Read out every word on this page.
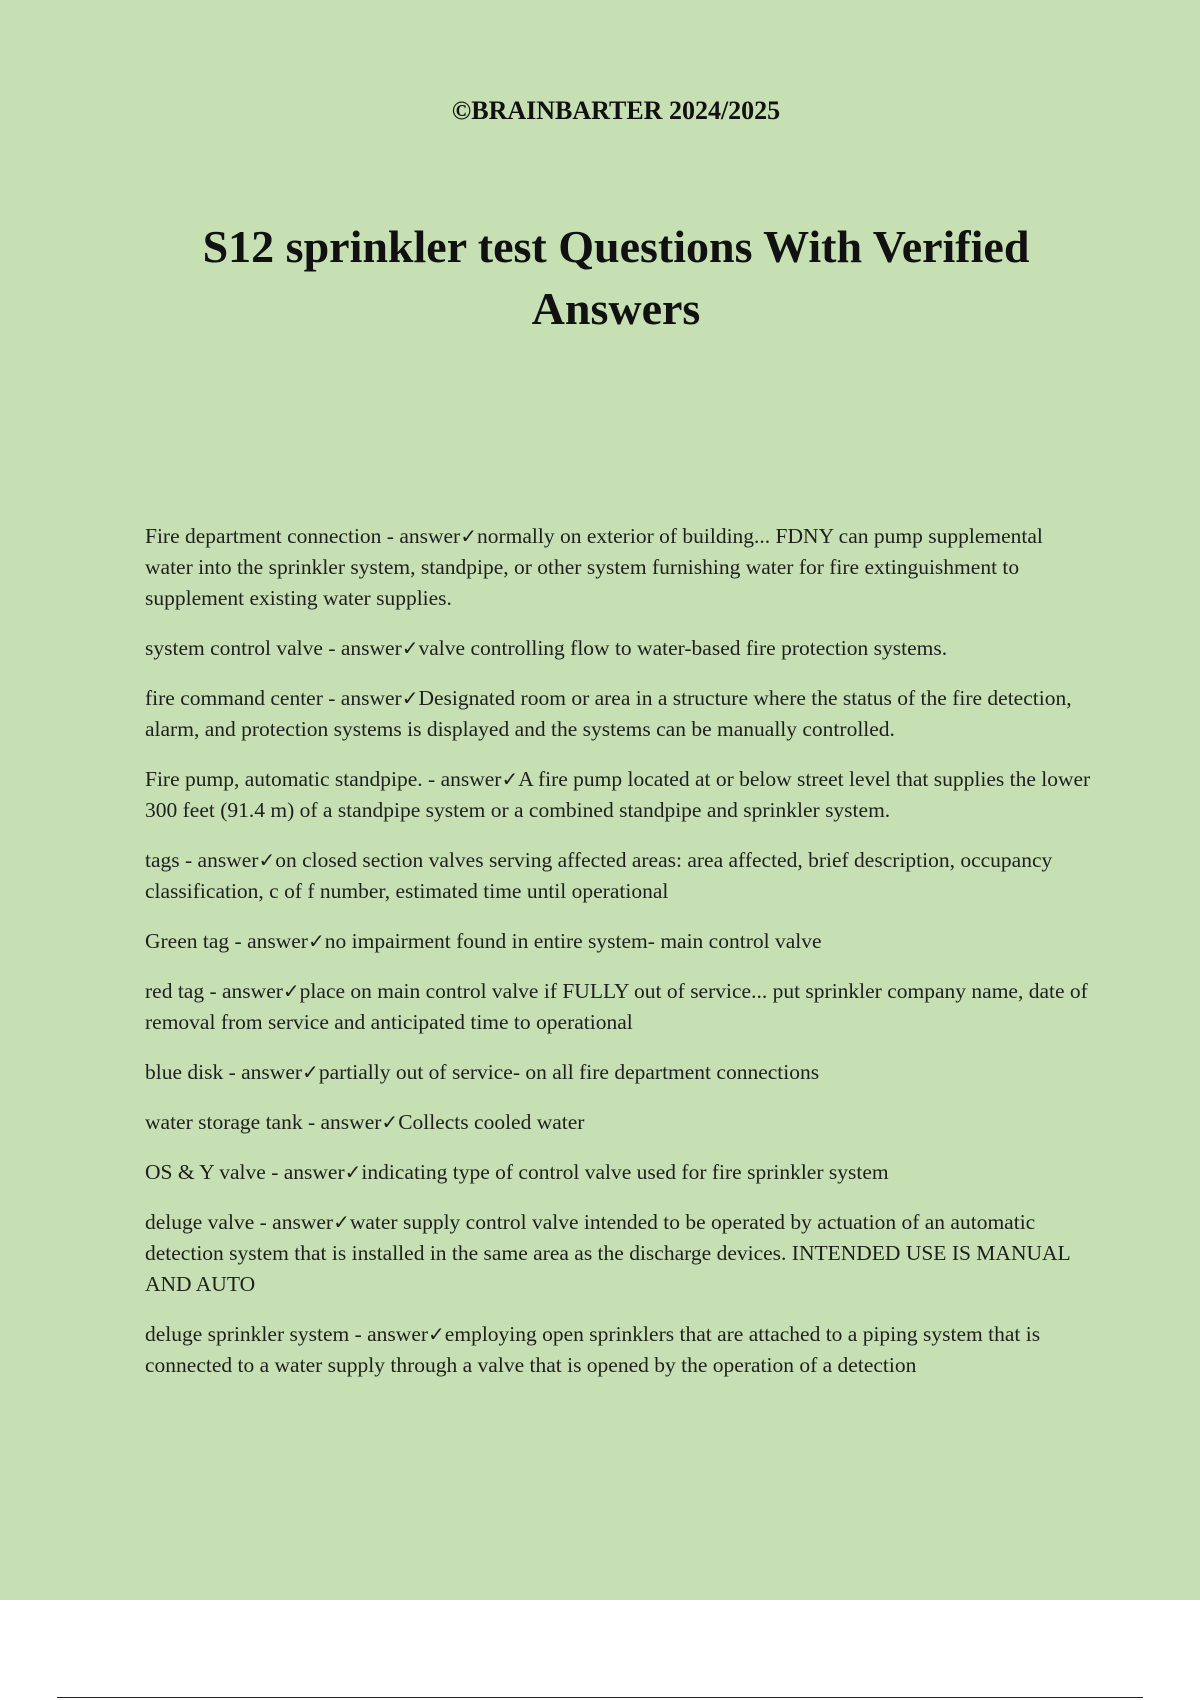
©BRAINBARTER 2024/2025
S12 sprinkler test Questions With Verified Answers

Fire department connection - answer✓normally on exterior of building... FDNY can pump supplemental water into the sprinkler system, standpipe, or other system furnishing water for fire extinguishment to supplement existing water supplies.

system control valve - answer✓valve controlling flow to water-based fire protection systems.

fire command center - answer✓Designated room or area in a structure where the status of the fire detection, alarm, and protection systems is displayed and the systems can be manually controlled.

Fire pump, automatic standpipe. - answer✓A fire pump located at or below street level that supplies the lower 300 feet (91.4 m) of a standpipe system or a combined standpipe and sprinkler system.

tags - answer✓on closed section valves serving affected areas: area affected, brief description, occupancy classification, c of f number, estimated time until operational

Green tag - answer✓no impairment found in entire system- main control valve

red tag - answer✓place on main control valve if FULLY out of service... put sprinkler company name, date of removal from service and anticipated time to operational

blue disk - answer✓partially out of service- on all fire department connections

water storage tank - answer✓Collects cooled water

OS & Y valve - answer✓indicating type of control valve used for fire sprinkler system

deluge valve - answer✓water supply control valve intended to be operated by actuation of an automatic detection system that is installed in the same area as the discharge devices. INTENDED USE IS MANUAL AND AUTO

deluge sprinkler system - answer✓employing open sprinklers that are attached to a piping system that is connected to a water supply through a valve that is opened by the operation of a detection
